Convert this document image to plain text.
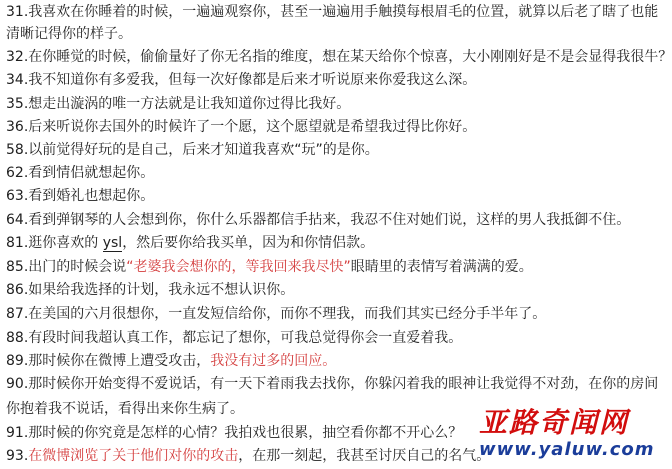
31.我喜欢在你睡着的时候，一遍遍观察你，甚至一遍遍用手触摸每根眉毛的位置，就算以后老了瞎了也能
清晰记得你的样子。
32.在你睡觉的时候，偷偷量好了你无名指的维度，想在某天给你个惊喜，大小刚刚好是不是会显得我很牛？
34.我不知道你有多爱我，但每一次好像都是后来才听说原来你爱我这么深。
35.想走出漩涡的唯一方法就是让我知道你过得比我好。
36.后来听说你去国外的时候许了一个愿，这个愿望就是希望我过得比你好。
58.以前觉得好玩的是自己，后来才知道我喜欢“玩”的是你。
62.看到情侣就想起你。
63.看到婚礼也想起你。
64.看到弹钢琴的人会想到你，你什么乐器都信手拈来，我忍不住对她们说，这样的男人我抵御不住。
81.逛你喜欢的 ysl，然后要你给我买单，因为和你情侣款。
85.出门的时候会说“老婆我会想你的，等我回来我尽快”眼睛里的表情写着满满的爱。
86.如果给我选择的计划，我永远不想认识你。
87.在美国的六月很想你，一直发短信给你，而你不理我，而我们其实已经分手半年了。
88.有段时间我超认真工作，都忘记了想你，可我总觉得你会一直爱着我。
89.那时候你在微博上遭受攻击，我没有过多的回应。
90.那时候你开始变得不爱说话，有一天下着雨我去找你，你躲闪着我的眼神让我觉得不对劲，在你的房间
你抱着我不说话，看得出来你生病了。
91.那时候的你究竟是怎样的心情？我拍戏也很累，抽空看你都不开心么？
93.在微博浏览了关于他们对你的攻击，在那一刻起，我甚至讨厌自己的名气。
亚路奇闻网
www.yaluw.com
